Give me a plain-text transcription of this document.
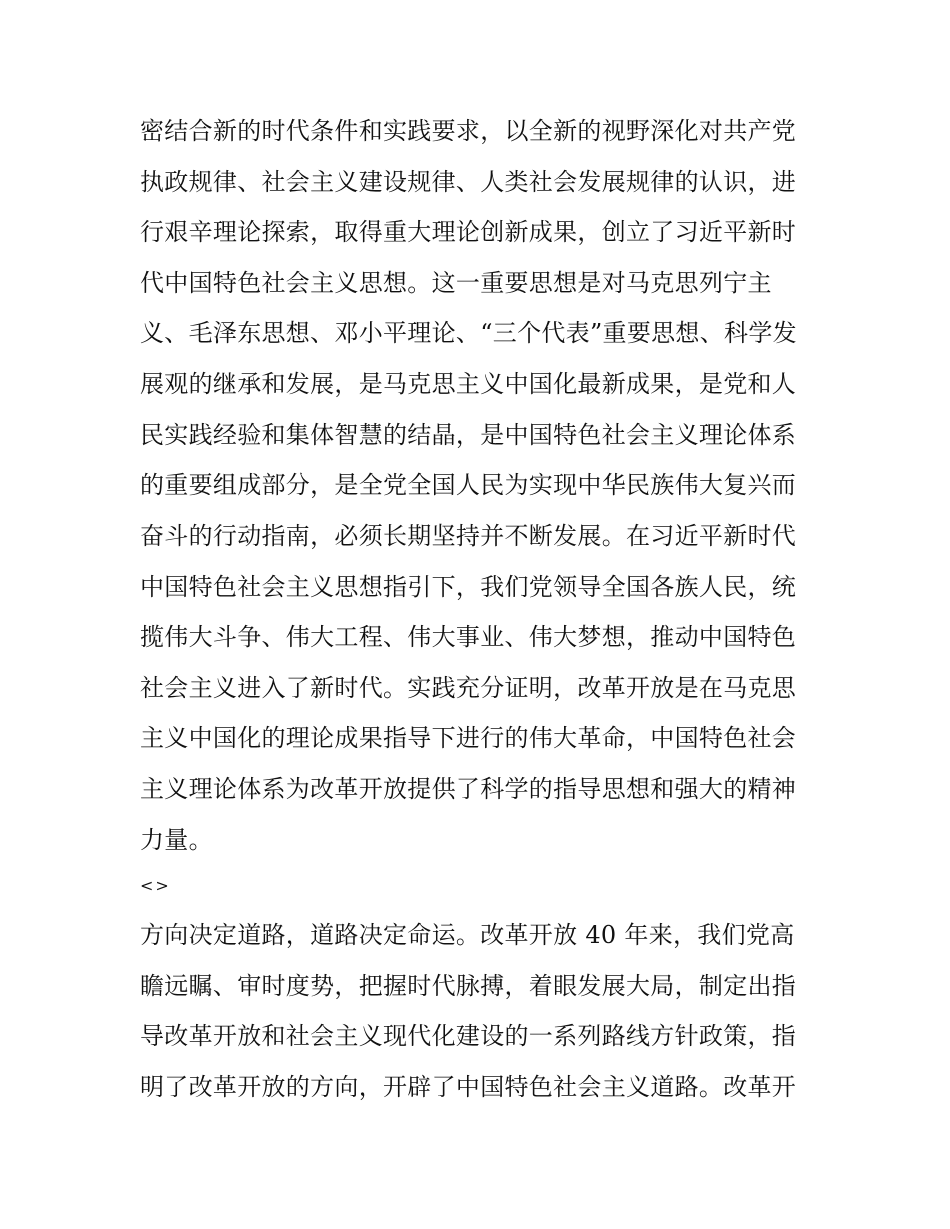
密结合新的时代条件和实践要求，以全新的视野深化对共产党
执政规律、社会主义建设规律、人类社会发展规律的认识，进
行艰辛理论探索，取得重大理论创新成果，创立了习近平新时
代中国特色社会主义思想。这一重要思想是对马克思列宁主
义、毛泽东思想、邓小平理论、“三个代表”重要思想、科学发
展观的继承和发展，是马克思主义中国化最新成果，是党和人
民实践经验和集体智慧的结晶，是中国特色社会主义理论体系
的重要组成部分，是全党全国人民为实现中华民族伟大复兴而
奋斗的行动指南，必须长期坚持并不断发展。在习近平新时代
中国特色社会主义思想指引下，我们党领导全国各族人民，统
揽伟大斗争、伟大工程、伟大事业、伟大梦想，推动中国特色
社会主义进入了新时代。实践充分证明，改革开放是在马克思
主义中国化的理论成果指导下进行的伟大革命，中国特色社会
主义理论体系为改革开放提供了科学的指导思想和强大的精神
力量。
<>
方向决定道路，道路决定命运。改革开放 40 年来，我们党高
瞻远瞩、审时度势，把握时代脉搏，着眼发展大局，制定出指
导改革开放和社会主义现代化建设的一系列路线方针政策，指
明了改革开放的方向，开辟了中国特色社会主义道路。改革开
